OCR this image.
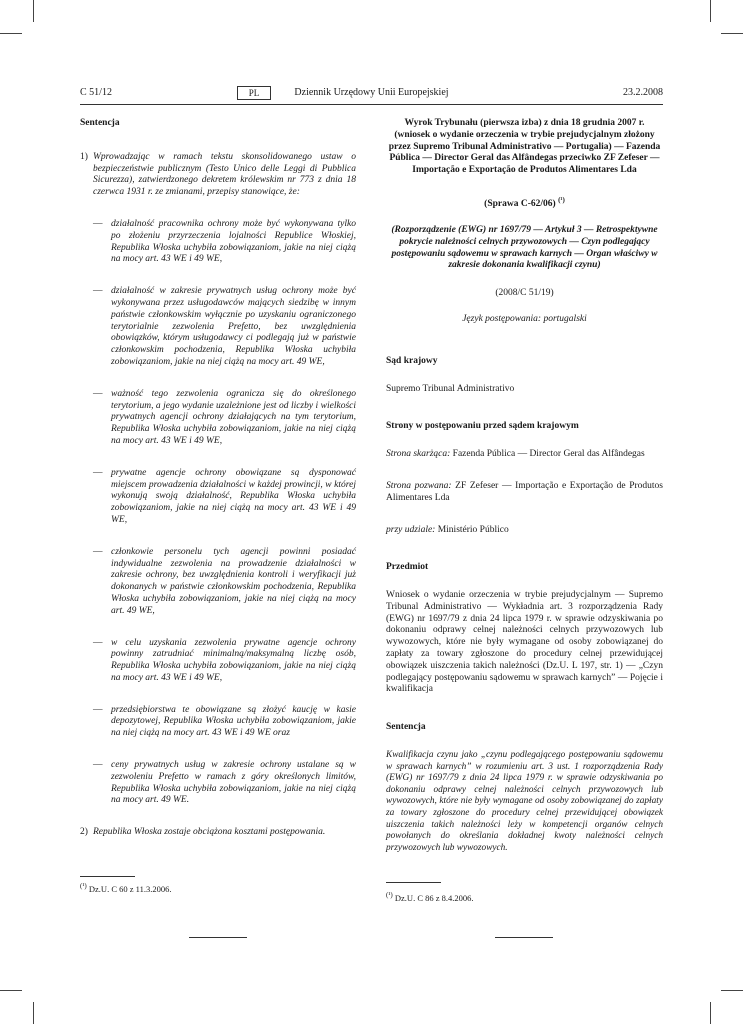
Dziennik Urzędowy Unii Europejskiej
C 51/12	PL	23.2.2008
Sentencja
1) Wprowadzając w ramach tekstu skonsolidowanego ustaw o bezpieczeństwie publicznym (Testo Unico delle Leggi di Pubblica Sicurezza), zatwierdzonego dekretem królewskim nr 773 z dnia 18 czerwca 1931 r. ze zmianami, przepisy stanowiące, że:
— działalność pracownika ochrony może być wykonywana tylko po złożeniu przyrzeczenia lojalności Republice Włoskiej, Republika Włoska uchybiła zobowiązaniom, jakie na niej ciążą na mocy art. 43 WE i 49 WE,
— działalność w zakresie prywatnych usług ochrony może być wykonywana przez usługodawców mających siedzibę w innym państwie członkowskim wyłącznie po uzyskaniu ograniczonego terytorialnie zezwolenia Prefetto, bez uwzględnienia obowiązków, którym usługodawcy ci podlegają już w państwie członkowskim pochodzenia, Republika Włoska uchybiła zobowiązaniom, jakie na niej ciążą na mocy art. 49 WE,
— ważność tego zezwolenia ogranicza się do określonego terytorium, a jego wydanie uzależnione jest od liczby i wielkości prywatnych agencji ochrony działających na tym terytorium, Republika Włoska uchybiła zobowiązaniom, jakie na niej ciążą na mocy art. 43 WE i 49 WE,
— prywatne agencje ochrony obowiązane są dysponować miejscem prowadzenia działalności w każdej prowincji, w której wykonują swoją działalność, Republika Włoska uchybiła zobowiązaniom, jakie na niej ciążą na mocy art. 43 WE i 49 WE,
— członkowie personelu tych agencji powinni posiadać indywidualne zezwolenia na prowadzenie działalności w zakresie ochrony, bez uwzględnienia kontroli i weryfikacji już dokonanych w państwie członkowskim pochodzenia, Republika Włoska uchybiła zobowiązaniom, jakie na niej ciążą na mocy art. 49 WE,
— w celu uzyskania zezwolenia prywatne agencje ochrony powinny zatrudniać minimalną/maksymalną liczbę osób, Republika Włoska uchybiła zobowiązaniom, jakie na niej ciążą na mocy art. 43 WE i 49 WE,
— przedsiębiorstwa te obowiązane są złożyć kaucję w kasie depozytowej, Republika Włoska uchybiła zobowiązaniom, jakie na niej ciążą na mocy art. 43 WE i 49 WE oraz
— ceny prywatnych usług w zakresie ochrony ustalane są w zezwoleniu Prefetto w ramach z góry określonych limitów, Republika Włoska uchybiła zobowiązaniom, jakie na niej ciążą na mocy art. 49 WE.
2) Republika Włoska zostaje obciążona kosztami postępowania.
$^{(^1)}$ Dz.U. C 60 z 11.3.2006.
Wyrok Trybunału (pierwsza izba) z dnia 18 grudnia 2007 r. (wniosek o wydanie orzeczenia w trybie prejudycjalnym złożony przez Supremo Tribunal Administrativo — Portugalia) — Fazenda Pública — Director Geral das Alfândegas przeciwko ZF Zefeser — Importação e Exportação de Produtos Alimentares Lda
(Sprawa C-62/06) $^{(^1)}$
(Rozporządzenie (EWG) nr 1697/79 — Artykuł 3 — Retrospektywne pokrycie należności celnych przywozowych — Czyn podlegający postępowaniu sądowemu w sprawach karnych — Organ właściwy w zakresie dokonania kwalifikacji czynu)
(2008/C 51/19)
Język postępowania: portugalski
Sąd krajowy
Supremo Tribunal Administrativo
Strony w postępowaniu przed sądem krajowym
Strona skarżąca: Fazenda Pública — Director Geral das Alfândegas
Strona pozwana: ZF Zefeser — Importação e Exportação de Produtos Alimentares Lda
przy udziale: Ministério Público
Przedmiot
Wniosek o wydanie orzeczenia w trybie prejudycjalnym — Supremo Tribunal Administrativo — Wykładnia art. 3 rozporządzenia Rady (EWG) nr 1697/79 z dnia 24 lipca 1979 r. w sprawie odzyskiwania po dokonaniu odprawy celnej należności celnych przywozowych lub wywozowych, które nie były wymagane od osoby zobowiązanej do zapłaty za towary zgłoszone do procedury celnej przewidującej obowiązek uiszczenia takich należności (Dz.U. L 197, str. 1) — „Czyn podlegający postępowaniu sądowemu w sprawach karnych” — Pojęcie i kwalifikacja
Sentencja
Kwalifikacja czynu jako „czynu podlegającego postępowaniu sądowemu w sprawach karnych” w rozumieniu art. 3 ust. 1 rozporządzenia Rady (EWG) nr 1697/79 z dnia 24 lipca 1979 r. w sprawie odzyskiwania po dokonaniu odprawy celnej należności celnych przywozowych lub wywozowych, które nie były wymagane od osoby zobowiązanej do zapłaty za towary zgłoszone do procedury celnej przewidującej obowiązek uiszczenia takich należności leży w kompetencji organów celnych powołanych do określania dokładnej kwoty należności celnych przywozowych lub wywozowych.
$^{(^1)}$ Dz.U. C 86 z 8.4.2006.
